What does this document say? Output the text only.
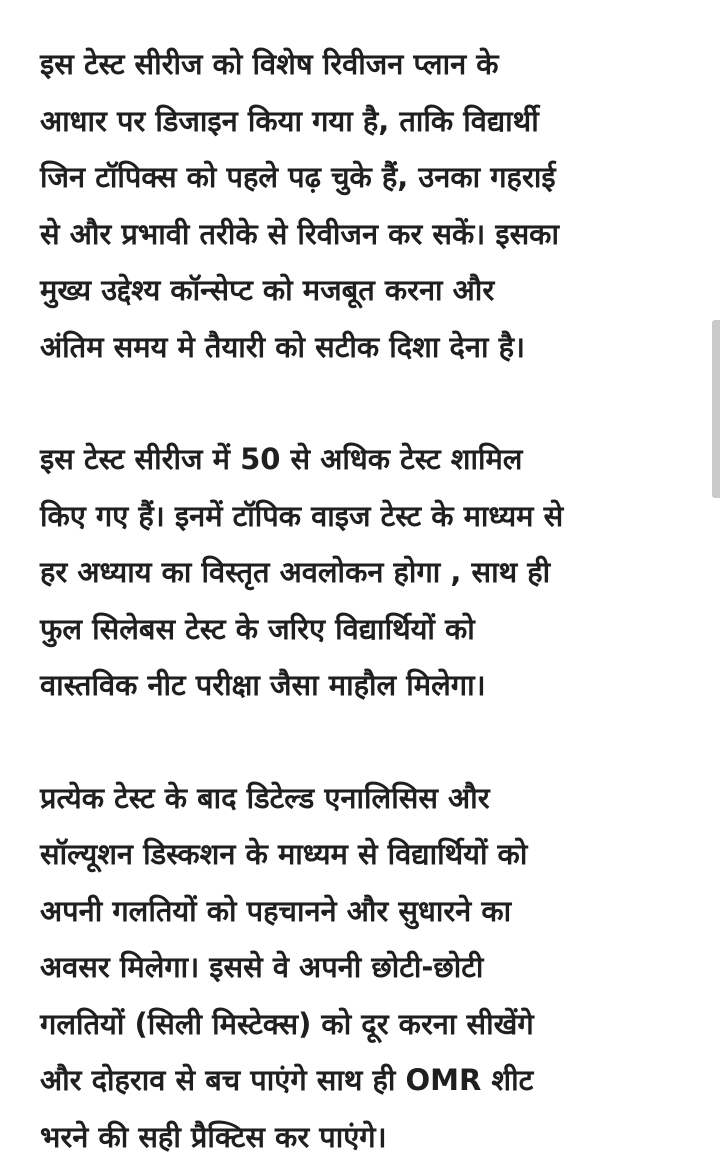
इस टेस्ट सीरीज को विशेष रिवीजन प्लान के
आधार पर डिजाइन किया गया है, ताकि विद्यार्थी
जिन टॉपिक्स को पहले पढ़ चुके हैं, उनका गहराई
से और प्रभावी तरीके से रिवीजन कर सकें। इसका
मुख्य उद्देश्य कॉन्सेप्ट को मजबूत करना और
अंतिम समय मे तैयारी को सटीक दिशा देना है।

इस टेस्ट सीरीज में 50 से अधिक टेस्ट शामिल
किए गए हैं। इनमें टॉपिक वाइज टेस्ट के माध्यम से
हर अध्याय का विस्तृत अवलोकन होगा , साथ ही
फुल सिलेबस टेस्ट के जरिए विद्यार्थियों को
वास्तविक नीट परीक्षा जैसा माहौल मिलेगा।

प्रत्येक टेस्ट के बाद डिटेल्ड एनालिसिस और
सॉल्यूशन डिस्कशन के माध्यम से विद्यार्थियों को
अपनी गलतियों को पहचानने और सुधारने का
अवसर मिलेगा। इससे वे अपनी छोटी-छोटी
गलतियों (सिली मिस्टेक्स) को दूर करना सीखेंगे
और दोहराव से बच पाएंगे साथ ही OMR शीट
भरने की सही प्रैक्टिस कर पाएंगे।
